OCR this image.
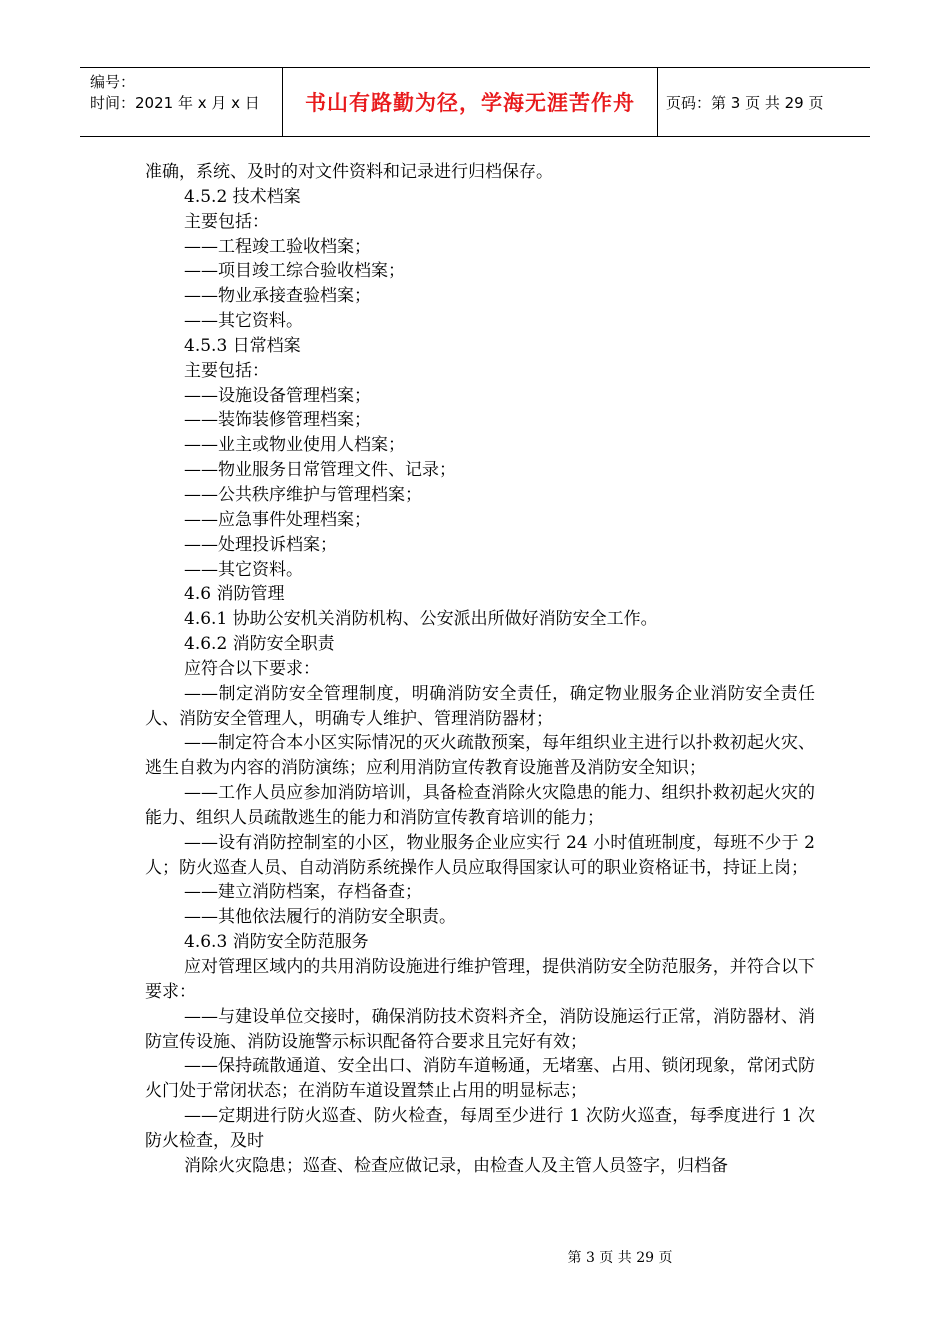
编号：
时间：2021 年 x 月 x 日	书山有路勤为径，学海无涯苦作舟 页码：第 3 页 共 29 页

准确，系统、及时的对文件资料和记录进行归档保存。

4.5.2 技术档案

主要包括：

——工程竣工验收档案；

——项目竣工综合验收档案；

——物业承接查验档案；

——其它资料。

4.5.3 日常档案

主要包括：

——设施设备管理档案；

——装饰装修管理档案；

——业主或物业使用人档案；

——物业服务日常管理文件、记录；

——公共秩序维护与管理档案；

——应急事件处理档案；

——处理投诉档案；

——其它资料。

4.6 消防管理

4.6.1 协助公安机关消防机构、公安派出所做好消防安全工作。

4.6.2 消防安全职责

应符合以下要求：

——制定消防安全管理制度，明确消防安全责任，确定物业服务企业消防安全责任人、消防安全管理人，明确专人维护、管理消防器材；

——制定符合本小区实际情况的灭火疏散预案，每年组织业主进行以扑救初起火灾、逃生自救为内容的消防演练；应利用消防宣传教育设施普及消防安全知识；

——工作人员应参加消防培训，具备检查消除火灾隐患的能力、组织扑救初起火灾的能力、组织人员疏散逃生的能力和消防宣传教育培训的能力；

——设有消防控制室的小区，物业服务企业应实行 24 小时值班制度，每班不少于 2 人；防火巡查人员、自动消防系统操作人员应取得国家认可的职业资格证书，持证上岗；

——建立消防档案，存档备查；

——其他依法履行的消防安全职责。

4.6.3 消防安全防范服务

应对管理区域内的共用消防设施进行维护管理，提供消防安全防范服务，并符合以下要求：

——与建设单位交接时，确保消防技术资料齐全，消防设施运行正常，消防器材、消防宣传设施、消防设施警示标识配备符合要求且完好有效；

——保持疏散通道、安全出口、消防车道畅通，无堵塞、占用、锁闭现象，常闭式防火门处于常闭状态；在消防车道设置禁止占用的明显标志；

——定期进行防火巡查、防火检查，每周至少进行 1 次防火巡查，每季度进行 1 次防火检查，及时

消除火灾隐患；巡查、检查应做记录，由检查人及主管人员签字，归档备

第 3 页 共 29 页
